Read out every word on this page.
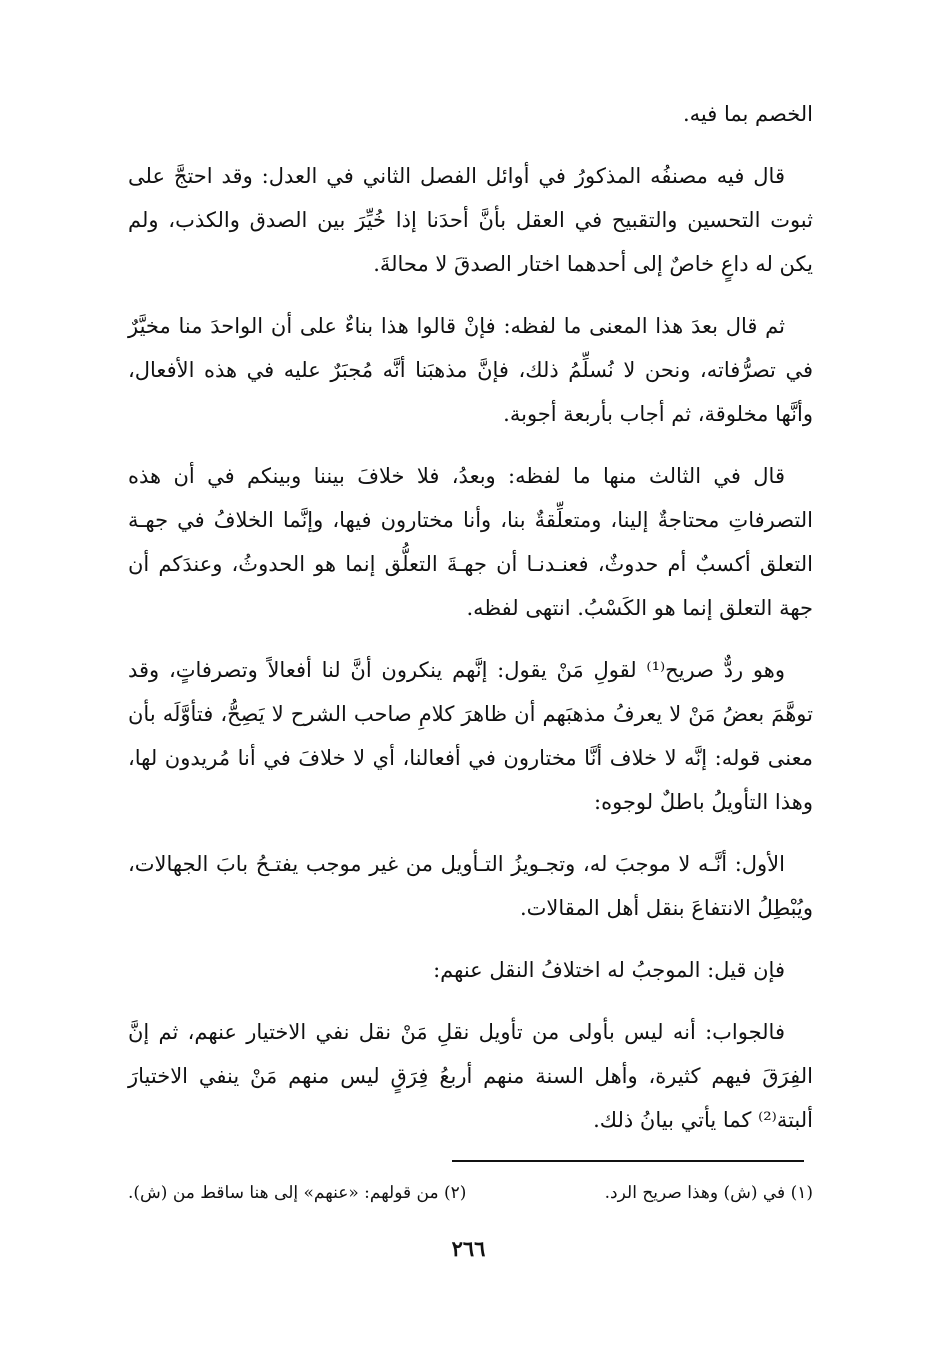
الخصم بما فيه.

قال فيه مصنفُه المذكورُ في أوائل الفصل الثاني في العدل: وقد احتجَّ على ثبوت التحسين والتقبيح في العقل بأنَّ أحدَنا إذا خُيِّرَ بين الصدق والكذب، ولم يكن له داعٍ خاصٌ إلى أحدهما اختار الصدقَ لا محالةَ.

ثم قال بعدَ هذا المعنى ما لفظه: فإنْ قالوا هذا بناءٌ على أن الواحدَ منا مخيَّرٌ في تصرُّفاته، ونحن لا نُسلِّمُ ذلك، فإنَّ مذهبَنا أنَّه مُجبَرٌ عليه في هذه الأفعال، وأنَّها مخلوقة، ثم أجاب بأربعة أجوبة.

قال في الثالث منها ما لفظه: وبعدُ، فلا خلافَ بيننا وبينكم في أن هذه التصرفاتِ محتاجةٌ إلينا، ومتعلِّقةٌ بنا، وأنا مختارون فيها، وإنَّما الخلافُ في جهـة التعلق أكسبٌ أم حدوثٌ، فعنـدنـا أن جهـةَ التعلُّق إنما هو الحدوثُ، وعندَكم أن جهة التعلق إنما هو الكَسْبُ. انتهى لفظه.

وهو ردٌّ صريح⁽¹⁾ لقولِ مَنْ يقول: إنَّهم ينكرون أنَّ لنا أفعالاً وتصرفاتٍ، وقد توهَّمَ بعضُ مَنْ لا يعرفُ مذهبَهم أن ظاهرَ كلامِ صاحب الشرح لا يَصِحُّ، فتأوَّلَه بأن معنى قوله: إنَّه لا خلاف أنَّا مختارون في أفعالنا، أي لا خلافَ في أنا مُريدون لها، وهذا التأويلُ باطلٌ لوجوه:

الأول: أنَّـه لا موجبَ له، وتجـويزُ التـأويل من غير موجب يفتـحُ بابَ الجهالات، ويُبْطِلُ الانتفاعَ بنقل أهل المقالات.

فإن قيل: الموجبُ له اختلافُ النقل عنهم:

فالجواب: أنه ليس بأولى من تأويل نقلِ مَنْ نقل نفي الاختيار عنهم، ثم إنَّ الفِرَقَ فيهم كثيرة، وأهل السنة منهم أربعُ فِرَقٍ ليس منهم مَنْ ينفي الاختيارَ ألبتة⁽²⁾ كما يأتي بيانُ ذلك.

(١) في (ش) وهذا صريح الرد.
(٢) من قولهم: «عنهم» إلى هنا ساقط من (ش).
٢٦٦
